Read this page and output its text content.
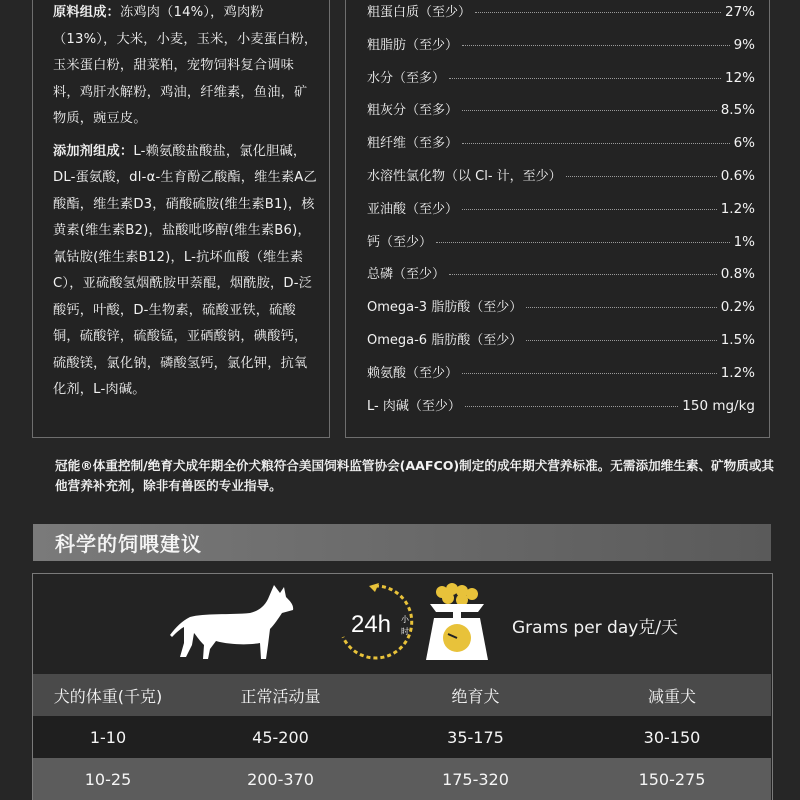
原料组成：冻鸡肉（14%），鸡肉粉（13%），大米，小麦，玉米，小麦蛋白粉，玉米蛋白粉，甜菜粕，宠物饲料复合调味料，鸡肝水解粉，鸡油，纤维素，鱼油，矿物质，豌豆皮。

添加剂组成：L-赖氨酸盐酸盐，氯化胆碱，DL-蛋氨酸，dl-α-生育酚乙酸酯，维生素A乙酸酯，维生素D3，硝酸硫胺(维生素B1)，核黄素(维生素B2)，盐酸吡哆醇(维生素B6)，氰钴胺(维生素B12)，L-抗坏血酸（维生素C），亚硫酸氢烟酰胺甲萘醌，烟酰胺，D-泛酸钙，叶酸，D-生物素，硫酸亚铁，硫酸铜，硫酸锌，硫酸锰，亚硒酸钠，碘酸钙，硫酸镁，氯化钠，磷酸氢钙，氯化钾，抗氧化剂，L-肉碱。

粗蛋白质（至少）	27%
粗脂肪（至少）	9%
水分（至多）	12%
粗灰分（至多）	8.5%
粗纤维（至多）	6%
水溶性氯化物（以 Cl- 计，至少）	0.6%
亚油酸（至少）	1.2%
钙（至少）	1%
总磷（至少）	0.8%
Omega-3 脂肪酸（至少）	0.2%
Omega-6 脂肪酸（至少）	1.5%
赖氨酸（至少）	1.2%
L- 肉碱（至少）	150 mg/kg
冠能®体重控制/绝育犬成年期全价犬粮符合美国饲料监管协会(AAFCO)制定的成年期犬营养标准。无需添加维生素、矿物质或其他营养补充剂，除非有兽医的专业指导。
科学的饲喂建议
24h 小
时	Grams per day克/天
犬的体重(千克)	正常活动量	绝育犬	减重犬
1-10	45-200	35-175	30-150
10-25	200-370	175-320	150-275
